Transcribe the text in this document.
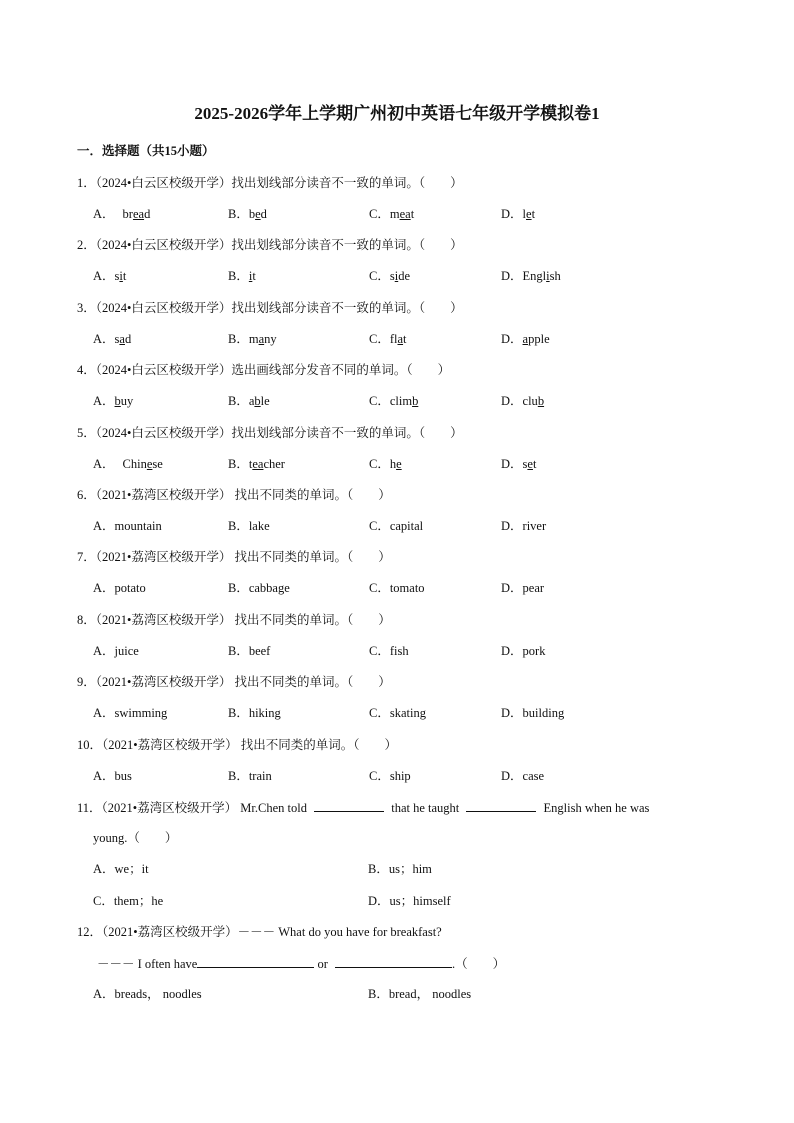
2025-2026学年上学期广州初中英语七年级开学模拟卷1
一．选择题（共15小题）
1．（2024•白云区校级开学）找出划线部分读音不一致的单词。（　　）
A． bread	B．bed	C．meat	D．let
2．（2024•白云区校级开学）找出划线部分读音不一致的单词。（　　）
A．sit	B．it	C．side	D．English
3．（2024•白云区校级开学）找出划线部分读音不一致的单词。（　　）
A．sad	B．many	C．flat	D．apple
4．（2024•白云区校级开学）选出画线部分发音不同的单词。（　　）
A．buy	B．able	C．climb	D．club
5．（2024•白云区校级开学）找出划线部分读音不一致的单词。（　　）
A． Chinese	B．teacher	C．he	D．set
6．（2021•荔湾区校级开学） 找出不同类的单词。（　　）
A．mountain	B．lake	C．capital	D．river
7．（2021•荔湾区校级开学） 找出不同类的单词。（　　）
A．potato	B．cabbage	C．tomato	D．pear
8．（2021•荔湾区校级开学） 找出不同类的单词。（　　）
A．juice	B．beef	C．fish	D．pork
9．（2021•荔湾区校级开学） 找出不同类的单词。（　　）
A．swimming	B．hiking	C．skating	D．building
10．（2021•荔湾区校级开学） 找出不同类的单词。（　　）
A．bus	B．train	C．ship	D．case
11．（2021•荔湾区校级开学） Mr.Chen told	that he taught	English when he was
young.（　　）
A．we；it	B．us；him
C．them；he	D．us；himself
12．（2021•荔湾区校级开学）－－－ What do you have for breakfast?
－－－ I often have	or	.（　　）
A．breads， noodles	B．bread， noodles
